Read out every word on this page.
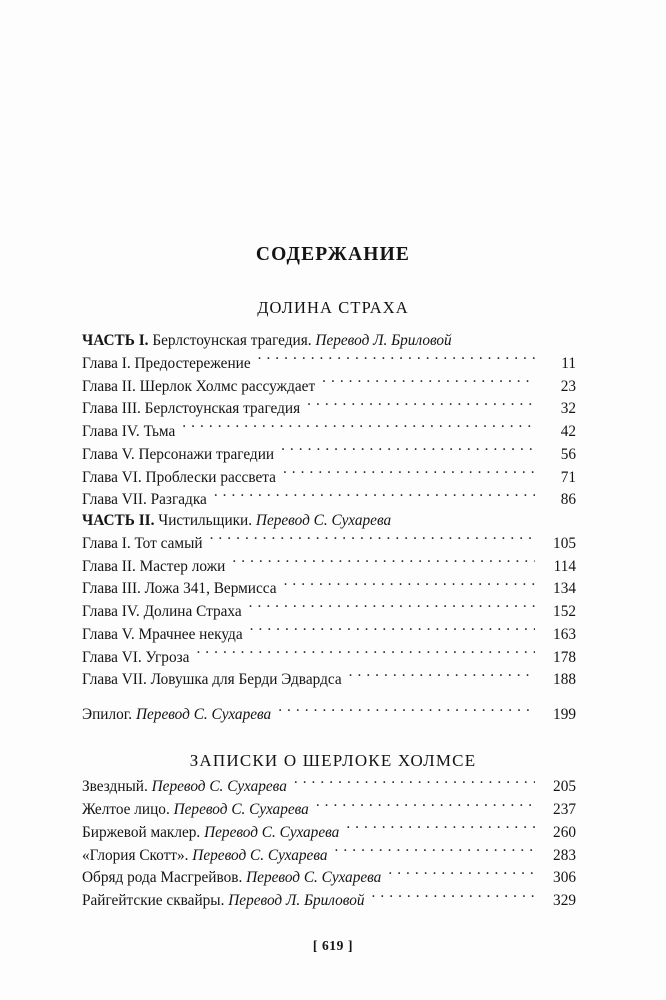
СОДЕРЖАНИЕ
ДОЛИНА СТРАХА
ЧАСТЬ I. Берлстоунская трагедия. Перевод Л. Бриловой
Глава I. Предостережение . . .	11
Глава II. Шерлок Холмс рассуждает . . .	23
Глава III. Берлстоунская трагедия . . .	32
Глава IV. Тьма . . .	42
Глава V. Персонажи трагедии . . .	56
Глава VI. Проблески рассвета . . .	71
Глава VII. Разгадка . . .	86
ЧАСТЬ II. Чистильщики. Перевод С. Сухарева
Глава I. Тот самый . . .	105
Глава II. Мастер ложи . . .	114
Глава III. Ложа 341, Вермисса . . .	134
Глава IV. Долина Страха . . .	152
Глава V. Мрачнее некуда . . .	163
Глава VI. Угроза . . .	178
Глава VII. Ловушка для Берди Эдвардса . . .	188
Эпилог. Перевод С. Сухарева . . .	199
ЗАПИСКИ О ШЕРЛОКЕ ХОЛМСЕ
Звездный. Перевод С. Сухарева . . .	205
Желтое лицо. Перевод С. Сухарева . . .	237
Биржевой маклер. Перевод С. Сухарева . . .	260
«Глория Скотт». Перевод С. Сухарева . . .	283
Обряд рода Масгрейвов. Перевод С. Сухарева . . .	306
Райгейтские сквайры. Перевод Л. Бриловой . . .	329
[ 619 ]
